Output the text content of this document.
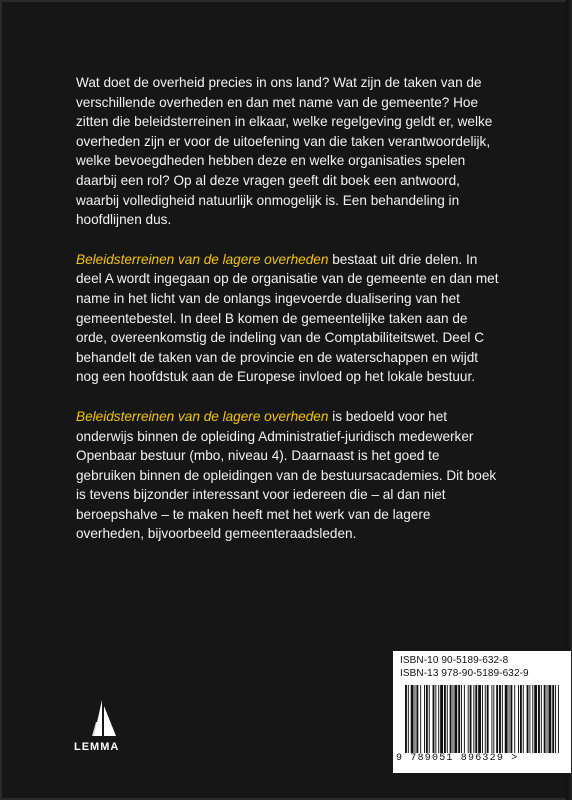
Wat doet de overheid precies in ons land? Wat zijn de taken van de verschillende overheden en dan met name van de gemeente? Hoe zitten die beleidsterreinen in elkaar, welke regelgeving geldt er, welke overheden zijn er voor de uitoefening van die taken verantwoordelijk, welke bevoegdheden hebben deze en welke organisaties spelen daarbij een rol? Op al deze vragen geeft dit boek een antwoord, waarbij volledigheid natuurlijk onmogelijk is. Een behandeling in hoofdlijnen dus.

Beleidsterreinen van de lagere overheden bestaat uit drie delen. In deel A wordt ingegaan op de organisatie van de gemeente en dan met name in het licht van de onlangs ingevoerde dualisering van het gemeentebestel. In deel B komen de gemeentelijke taken aan de orde, overeenkomstig de indeling van de Comptabiliteitswet. Deel C behandelt de taken van de provincie en de waterschappen en wijdt nog een hoofdstuk aan de Europese invloed op het lokale bestuur.

Beleidsterreinen van de lagere overheden is bedoeld voor het onderwijs binnen de opleiding Administratief-juridisch medewerker Openbaar bestuur (mbo, niveau 4). Daarnaast is het goed te gebruiken binnen de opleidingen van de bestuursacademies. Dit boek is tevens bijzonder interessant voor iedereen die – al dan niet beroepshalve – te maken heeft met het werk van de lagere overheden, bijvoorbeeld gemeenteraadsleden.

LEMMA
ISBN-10 90-5189-632-8
ISBN-13 978-90-5189-632-9
9 789051 896329 >
